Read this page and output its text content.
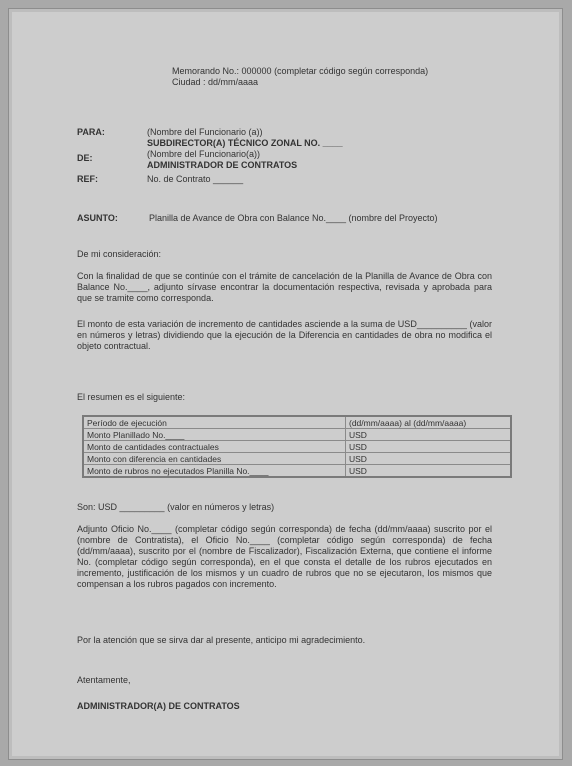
Memorando No.: 000000 (completar código según corresponda)
Ciudad : dd/mm/aaaa
PARA:	(Nombre del Funcionario (a))
SUBDIRECTOR(A) TÉCNICO ZONAL NO. ____
DE:	(Nombre del Funcionario(a))
ADMINISTRADOR DE CONTRATOS
REF:	No. de Contrato ______
ASUNTO:	Planilla de Avance de Obra con Balance No.____ (nombre del Proyecto)
De mi consideración:
Con la finalidad de que se continúe con el trámite de cancelación de la Planilla de Avance de Obra con Balance No.____, adjunto sírvase encontrar la documentación respectiva, revisada y aprobada para que se tramite como corresponda.
El monto de esta variación de incremento de cantidades asciende a la suma de USD__________ (valor en números y letras) dividiendo que la ejecución de la Diferencia en cantidades de obra no modifica el objeto contractual.
El resumen es el siguiente:
Período de ejecución	(dd/mm/aaaa) al (dd/mm/aaaa)
Monto Planillado No.____	USD
Monto de cantidades contractuales	USD
Monto con diferencia en cantidades	USD
Monto de rubros no ejecutados Planilla No.____	USD
Son: USD _________ (valor en números y letras)
Adjunto Oficio No.____ (completar código según corresponda) de fecha (dd/mm/aaaa) suscrito por el (nombre de Contratista), el Oficio No.____ (completar código según corresponda) de fecha (dd/mm/aaaa), suscrito por el (nombre de Fiscalizador), Fiscalización Externa, que contiene el informe No. (completar código según corresponda), en el que consta el detalle de los rubros ejecutados en incremento, justificación de los mismos y un cuadro de rubros que no se ejecutaron, los mismos que compensan a los rubros pagados con incremento.
Por la atención que se sirva dar al presente, anticipo mi agradecimiento.
Atentamente,
ADMINISTRADOR(A) DE CONTRATOS
